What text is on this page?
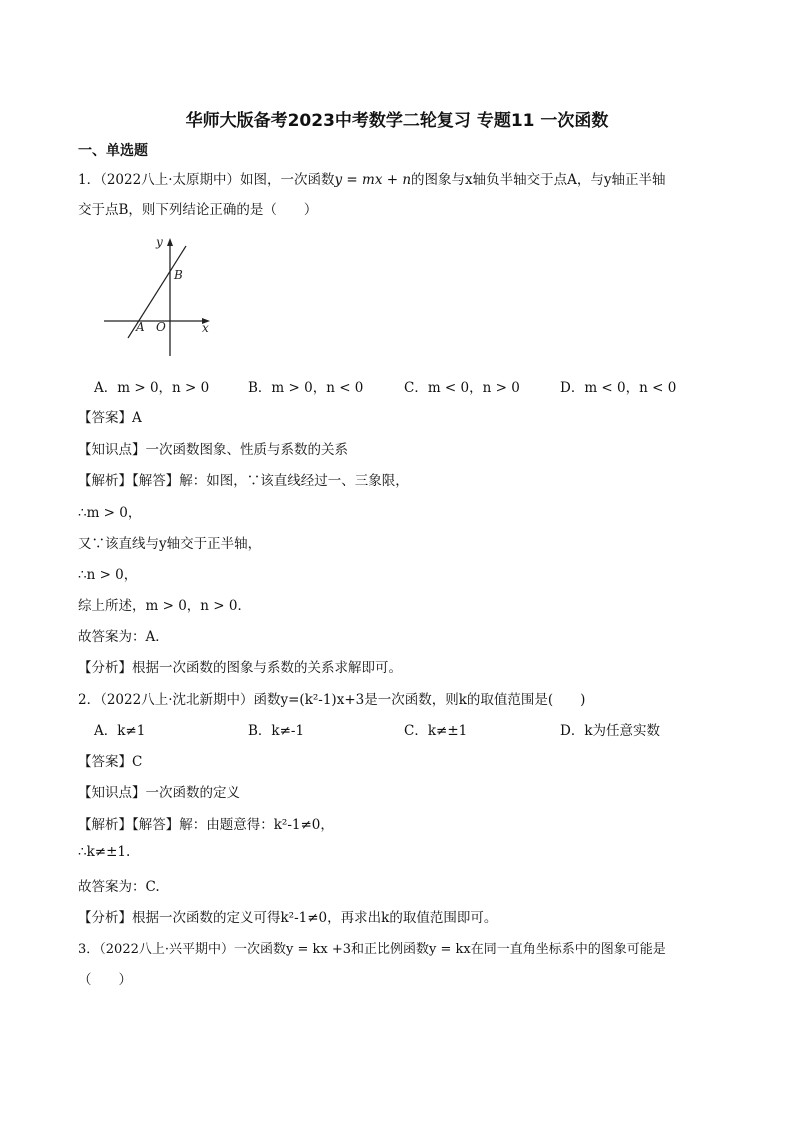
华师大版备考2023中考数学二轮复习 专题11 一次函数
一、单选题
1．（2022八上·太原期中）如图，一次函数y = mx + n的图象与x轴负半轴交于点A，与y轴正半轴
交于点B，则下列结论正确的是（　　）
y
x
B
A O
A．m > 0，n > 0	B．m > 0，n < 0	C．m < 0，n > 0	D．m < 0，n < 0
【答案】A
【知识点】一次函数图象、性质与系数的关系
【解析】【解答】解：如图，∵该直线经过一、三象限，
∴m > 0，
又∵该直线与y轴交于正半轴，
∴n > 0，
综上所述，m > 0，n > 0．
故答案为：A．
【分析】根据一次函数的图象与系数的关系求解即可。
2．（2022八上·沈北新期中）函数y=(k²-1)x+3是一次函数，则k的取值范围是(　　)
A．k≠1	B．k≠-1	C．k≠±1	D．k为任意实数
【答案】C
【知识点】一次函数的定义
【解析】【解答】解：由题意得：k²-1≠0，
∴k≠±1.
故答案为：C.
【分析】根据一次函数的定义可得k²-1≠0，再求出k的取值范围即可。
3．（2022八上·兴平期中）一次函数y = kx +3和正比例函数y = kx在同一直角坐标系中的图象可能是
（　　）
